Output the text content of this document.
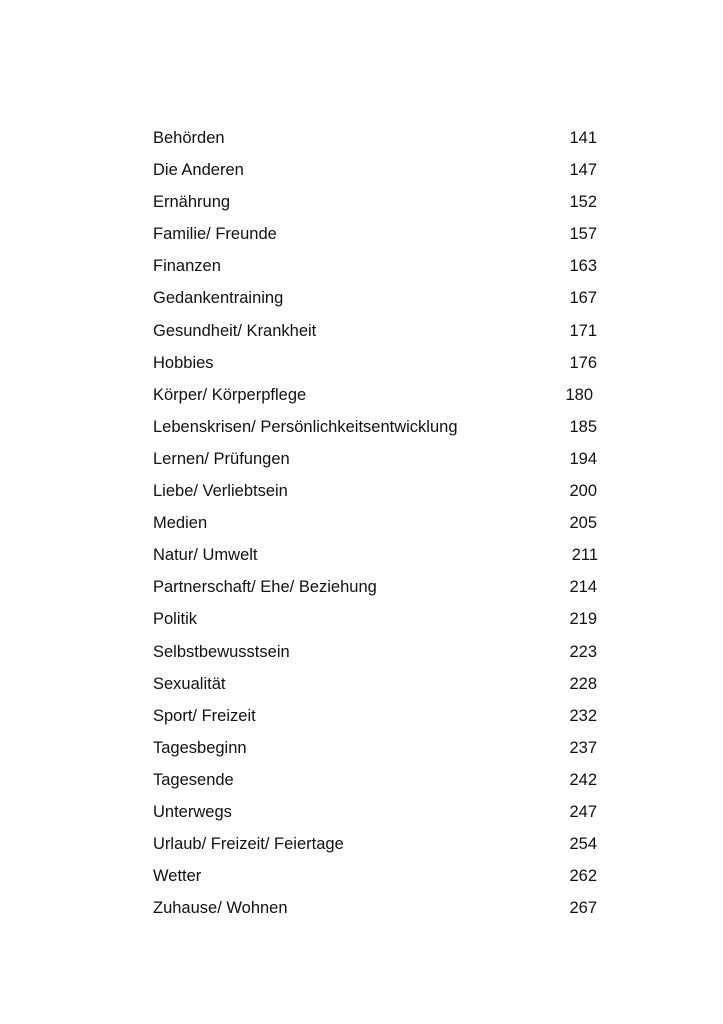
Behörden	141
Die Anderen	147
Ernährung	152
Familie/ Freunde	157
Finanzen	163
Gedankentraining	167
Gesundheit/ Krankheit	171
Hobbies	176
Körper/ Körperpflege	180
Lebenskrisen/ Persönlichkeitsentwicklung	185
Lernen/ Prüfungen	194
Liebe/ Verliebtsein	200
Medien	205
Natur/ Umwelt	211
Partnerschaft/ Ehe/ Beziehung	214
Politik	219
Selbstbewusstsein	223
Sexualität	228
Sport/ Freizeit	232
Tagesbeginn	237
Tagesende	242
Unterwegs	247
Urlaub/ Freizeit/ Feiertage	254
Wetter	262
Zuhause/ Wohnen	267
